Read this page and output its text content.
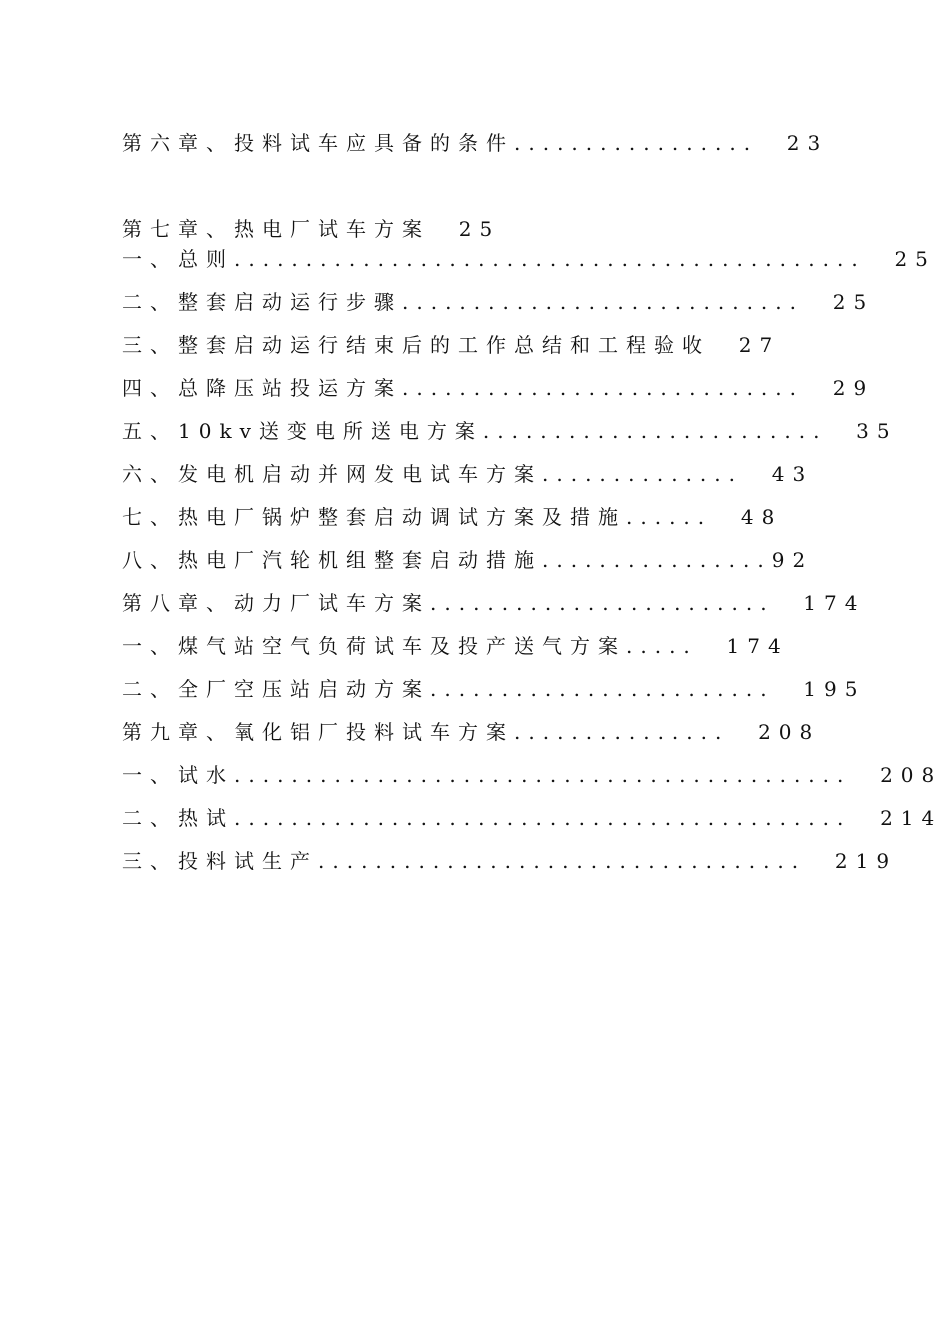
第六章、投料试车应具备的条件.................  23
第七章、热电厂试车方案  25
一、总则............................................  25
二、整套启动运行步骤............................  25
三、整套启动运行结束后的工作总结和工程验收  27
四、总降压站投运方案............................  29
五、10kv送变电所送电方案........................  35
六、发电机启动并网发电试车方案..............  43
七、热电厂锅炉整套启动调试方案及措施......  48
八、热电厂汽轮机组整套启动措施................92
第八章、动力厂试车方案........................  174
一、煤气站空气负荷试车及投产送气方案.....  174
二、全厂空压站启动方案........................  195
第九章、氧化铝厂投料试车方案...............  208
一、试水...........................................  208
二、热试...........................................  214
三、投料试生产..................................  219
